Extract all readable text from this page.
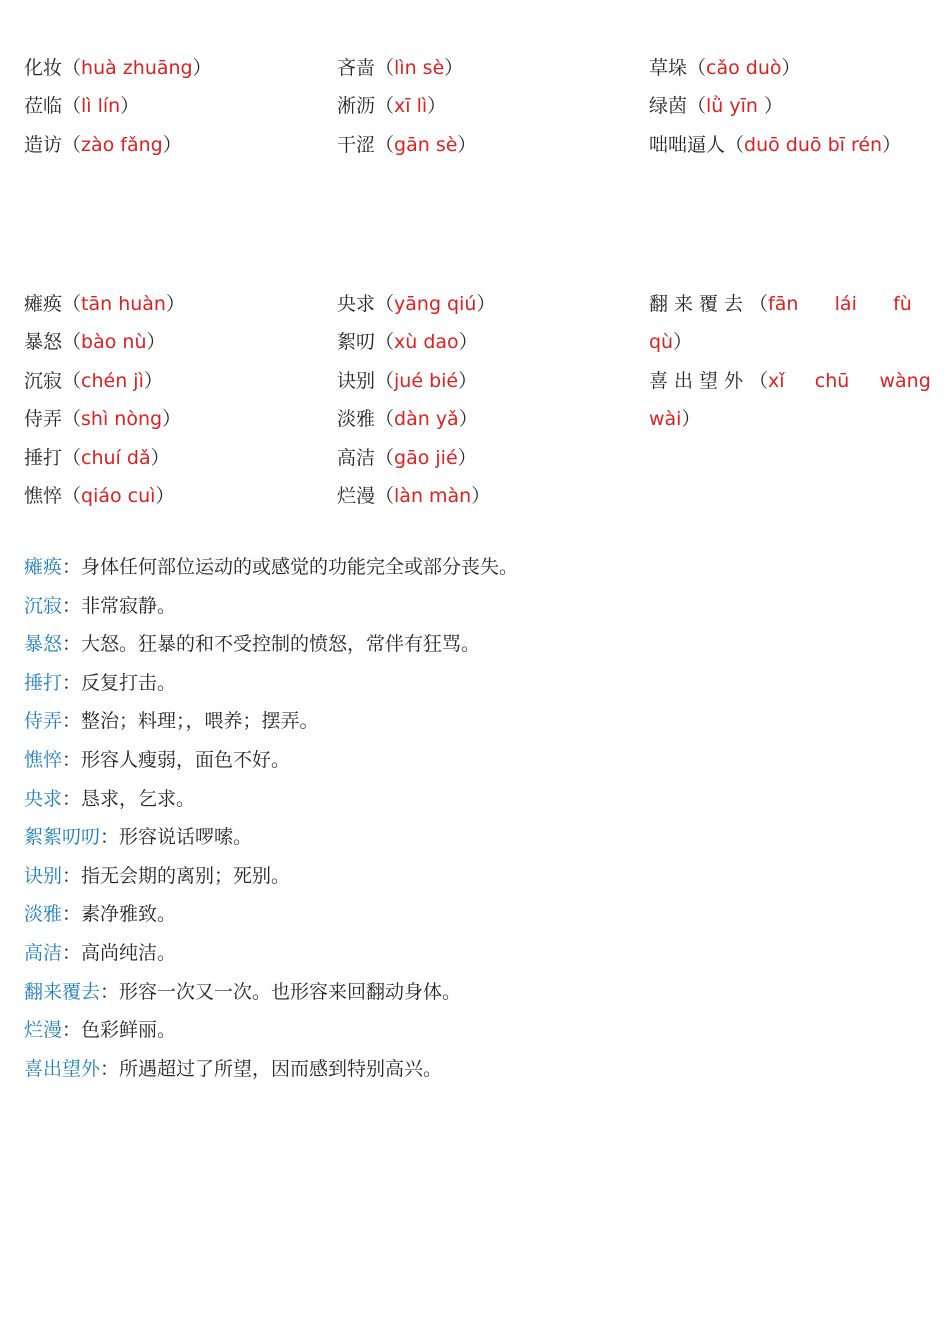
化妆（huà zhuāng）
莅临（lì lín）
造访（zào fǎng）
吝啬（lìn sè）
淅沥（xī lì）
干涩（gān sè）
草垛（cǎo duò）
绿茵（lǜ yīn ）
咄咄逼人（duō duō bī rén）
瘫痪（tān huàn）
暴怒（bào nù）
沉寂（chén jì）
侍弄（shì nòng）
捶打（chuí dǎ）
憔悴（qiáo cuì）
央求（yāng qiú）
絮叨（xù dao）
诀别（jué bié）
淡雅（dàn yǎ）
高洁（gāo jié）
烂漫（làn màn）
翻来覆去（fān      lái      fù
qù）
喜出望外（xǐ     chū     wàng
wài）
瘫痪：身体任何部位运动的或感觉的功能完全或部分丧失。
沉寂：非常寂静。
暴怒：大怒。狂暴的和不受控制的愤怒，常伴有狂骂。
捶打：反复打击。
侍弄：整治；料理；，喂养；摆弄。
憔悴：形容人瘦弱，面色不好。
央求：恳求，乞求。
絮絮叨叨：形容说话啰嗦。
诀别：指无会期的离别；死别。
淡雅：素净雅致。
高洁：高尚纯洁。
翻来覆去：形容一次又一次。也形容来回翻动身体。
烂漫：色彩鲜丽。
喜出望外：所遇超过了所望，因而感到特别高兴。
